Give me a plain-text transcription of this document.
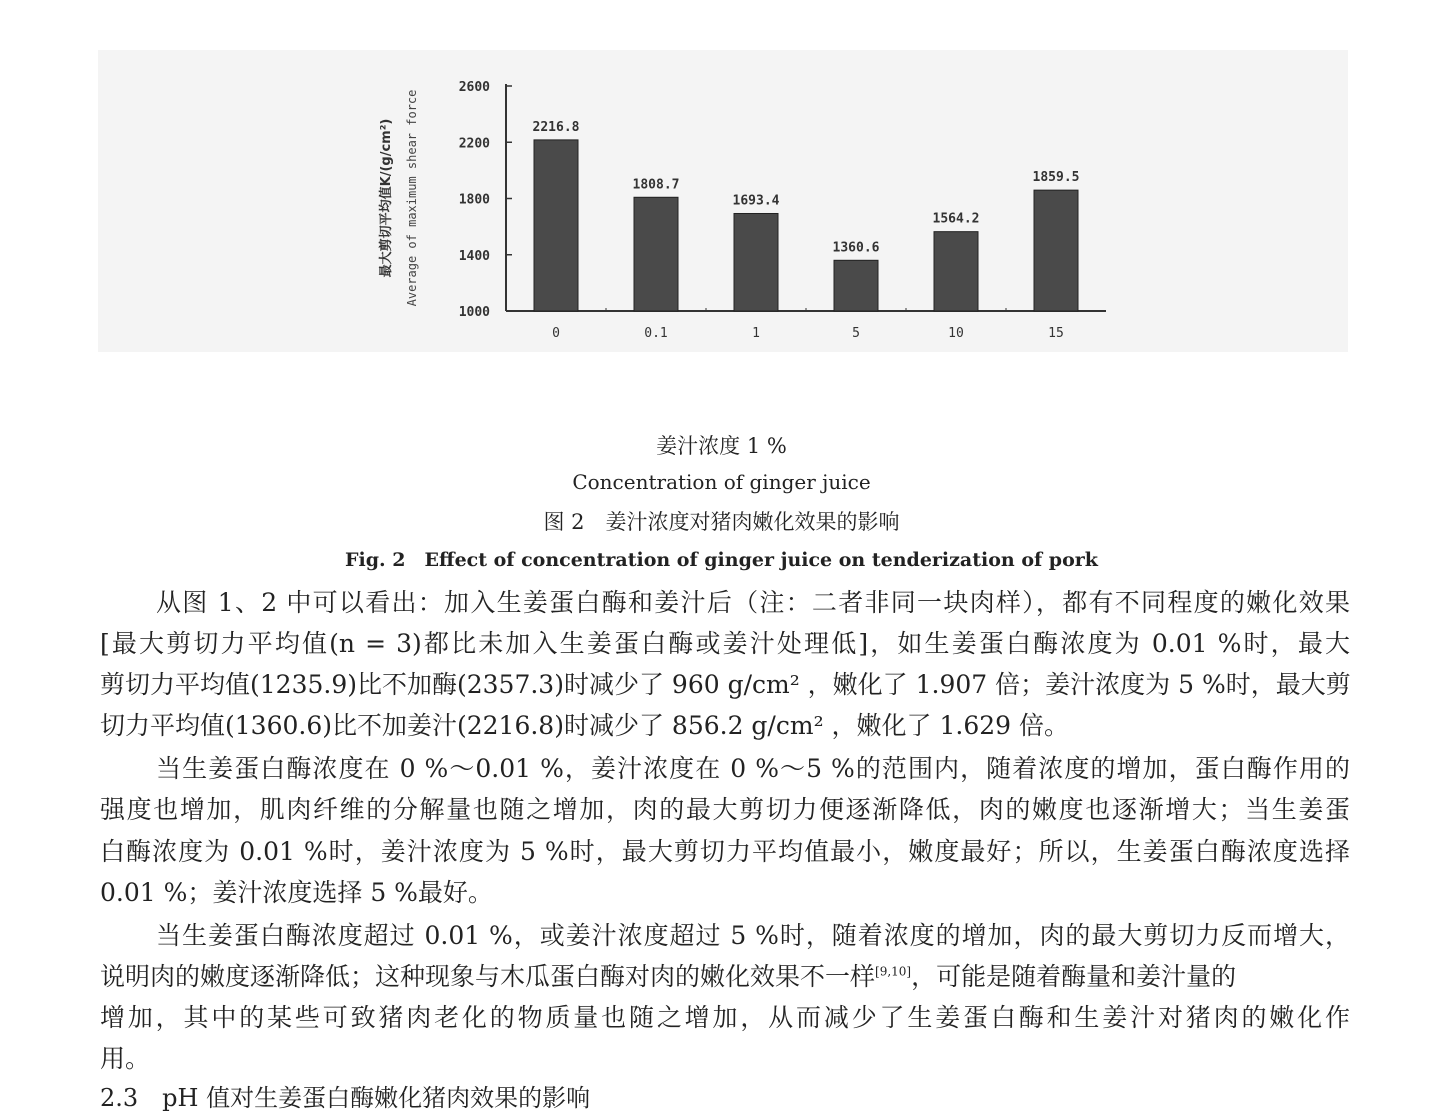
1000
1400
1800
2200
2600
2216.8
0
1808.7
0.1
1693.4
1
1360.6
5
1564.2
10
1859.5
15
最大剪切平均值K/(g/cm²) Average of maximum shear force
姜汁浓度 1 %
Concentration of ginger juice
图 2　姜汁浓度对猪肉嫩化效果的影响
Fig. 2　Effect of concentration of ginger juice on tenderization of pork
从图 1、2 中可以看出：加入生姜蛋白酶和姜汁后（注：二者非同一块肉样），都有不同程度的嫩化效果
[最大剪切力平均值(n = 3)都比未加入生姜蛋白酶或姜汁处理低]，如生姜蛋白酶浓度为 0.01 %时，最大
剪切力平均值(1235.9)比不加酶(2357.3)时减少了 960 g/cm² ，嫩化了 1.907 倍；姜汁浓度为 5 %时，最大剪
切力平均值(1360.6)比不加姜汁(2216.8)时减少了 856.2 g/cm² ，嫩化了 1.629 倍。
当生姜蛋白酶浓度在 0 %～0.01 %，姜汁浓度在 0 %～5 %的范围内，随着浓度的增加，蛋白酶作用的
强度也增加，肌肉纤维的分解量也随之增加，肉的最大剪切力便逐渐降低，肉的嫩度也逐渐增大；当生姜蛋
白酶浓度为 0.01 %时，姜汁浓度为 5 %时，最大剪切力平均值最小，嫩度最好；所以，生姜蛋白酶浓度选择
0.01 %；姜汁浓度选择 5 %最好。
当生姜蛋白酶浓度超过 0.01 %，或姜汁浓度超过 5 %时，随着浓度的增加，肉的最大剪切力反而增大，
说明肉的嫩度逐渐降低；这种现象与木瓜蛋白酶对肉的嫩化效果不一样[9,10]，可能是随着酶量和姜汁量的
增加，其中的某些可致猪肉老化的物质量也随之增加，从而减少了生姜蛋白酶和生姜汁对猪肉的嫩化作
用。
2.3　pH 值对生姜蛋白酶嫩化猪肉效果的影响
